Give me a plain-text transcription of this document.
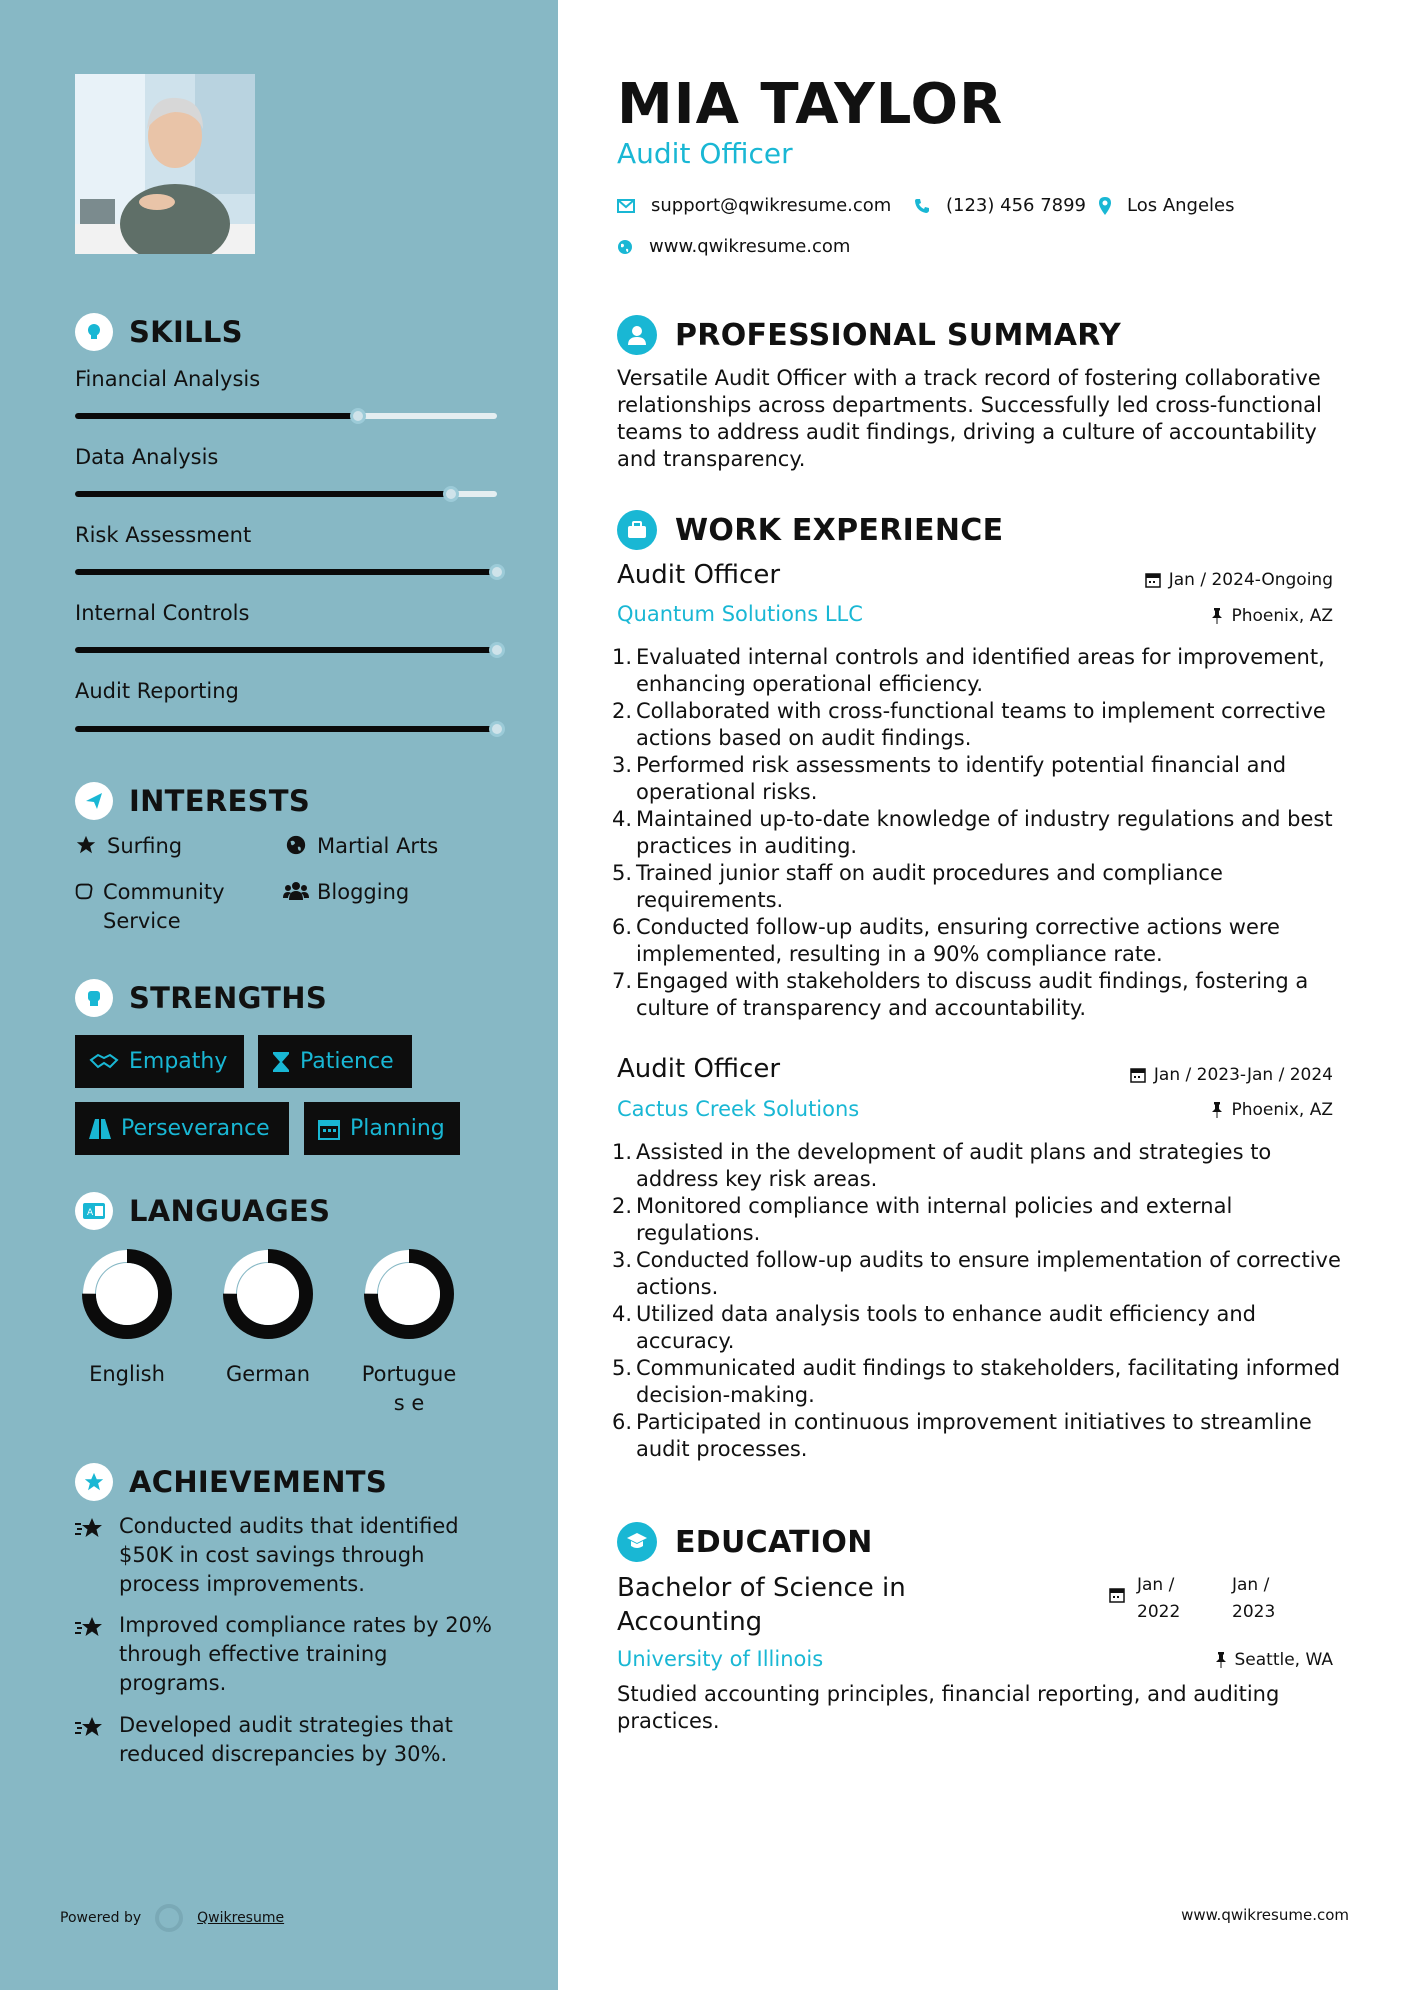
SKILLS
Financial Analysis
Data Analysis
Risk Assessment
Internal Controls
Audit Reporting
INTERESTS
Surfing	Martial Arts
Community Service
Blogging
STRENGTHS
Empathy	Patience
Perseverance	Planning
A LANGUAGES
English	German	Portugues e
ACHIEVEMENTS
Conducted audits that identified $50K in cost savings through process improvements.
Improved compliance rates by 20% through effective training programs.
Developed audit strategies that reduced discrepancies by 30%.
Powered by	Qwikresume
MIA TAYLOR
Audit Officer
support@qwikresume.com	(123) 456 7899 Los Angeles
www.qwikresume.com
PROFESSIONAL SUMMARY
Versatile Audit Officer with a track record of fostering collaborative relationships across departments. Successfully led cross-functional teams to address audit findings, driving a culture of accountability and transparency.
WORK EXPERIENCE
Audit Officer	Jan / 2024-Ongoing
Quantum Solutions LLC	Phoenix, AZ
1. Evaluated internal controls and identified areas for improvement, enhancing operational efficiency.
2. Collaborated with cross-functional teams to implement corrective actions based on audit findings.
3. Performed risk assessments to identify potential financial and operational risks.
4. Maintained up-to-date knowledge of industry regulations and best practices in auditing.
5. Trained junior staff on audit procedures and compliance requirements.
6. Conducted follow-up audits, ensuring corrective actions were implemented, resulting in a 90% compliance rate.
7. Engaged with stakeholders to discuss audit findings, fostering a culture of transparency and accountability.
Audit Officer	Jan / 2023-Jan / 2024
Cactus Creek Solutions	Phoenix, AZ
1. Assisted in the development of audit plans and strategies to address key risk areas.
2. Monitored compliance with internal policies and external regulations.
3. Conducted follow-up audits to ensure implementation of corrective actions.
4. Utilized data analysis tools to enhance audit efficiency and accuracy.
5. Communicated audit findings to stakeholders, facilitating informed decision-making.
6. Participated in continuous improvement initiatives to streamline audit processes.
EDUCATION
Bachelor of Science in Accounting
Jan / 2022
Jan / 2023
University of Illinois	Seattle, WA
Studied accounting principles, financial reporting, and auditing practices.
www.qwikresume.com
